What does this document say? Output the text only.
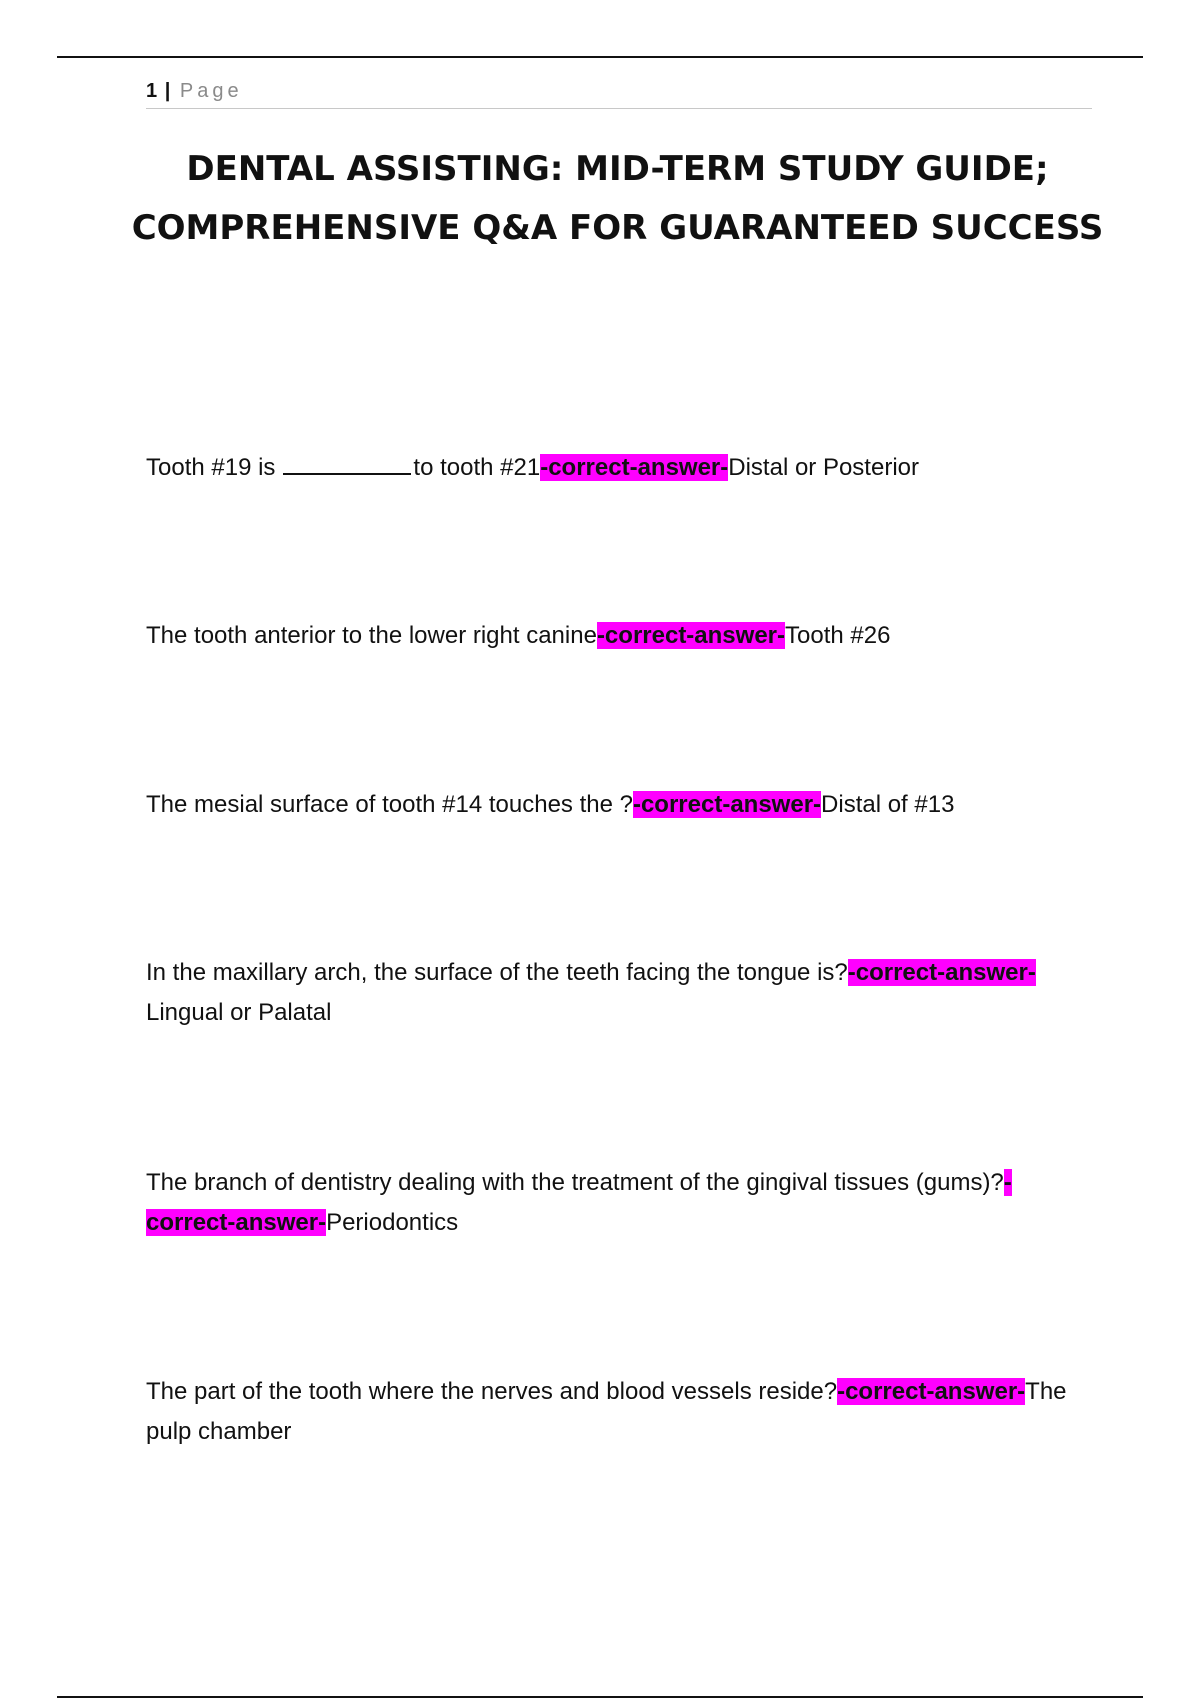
1 | Page
DENTAL ASSISTING: MID-TERM STUDY GUIDE; COMPREHENSIVE Q&A FOR GUARANTEED SUCCESS

Tooth #19 is	to tooth #21-correct-answer-Distal or Posterior

The tooth anterior to the lower right canine-correct-answer-Tooth #26

The mesial surface of tooth #14 touches the ?-correct-answer-Distal of #13

In the maxillary arch, the surface of the teeth facing the tongue is?-correct-answer-Lingual or Palatal

The branch of dentistry dealing with the treatment of the gingival tissues (gums)?-correct-answer-Periodontics

The part of the tooth where the nerves and blood vessels reside?-correct-answer-The pulp chamber
